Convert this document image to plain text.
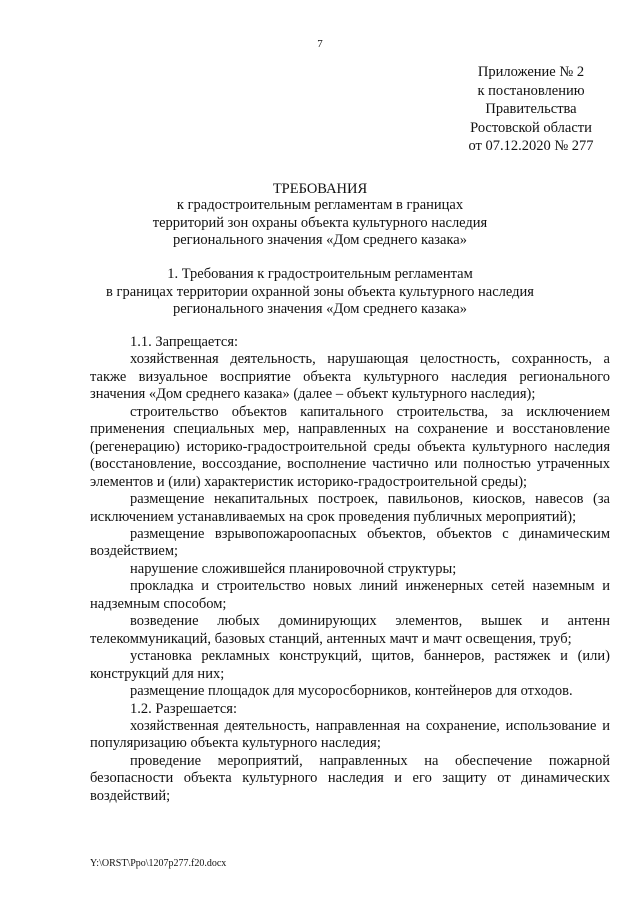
7
Приложение № 2
к постановлению
Правительства
Ростовской области
от 07.12.2020 № 277
ТРЕБОВАНИЯ
к градостроительным регламентам в границах
территорий зон охраны объекта культурного наследия
регионального значения «Дом среднего казака»
1. Требования к градостроительным регламентам
в границах территории охранной зоны объекта культурного наследия
регионального значения «Дом среднего казака»

1.1. Запрещается:

хозяйственная деятельность, нарушающая целостность, сохранность, а также визуальное восприятие объекта культурного наследия регионального значения «Дом среднего казака» (далее – объект культурного наследия);

строительство объектов капитального строительства, за исключением применения специальных мер, направленных на сохранение и восстановление (регенерацию) историко-градостроительной среды объекта культурного наследия (восстановление, воссоздание, восполнение частично или полностью утраченных элементов и (или) характеристик историко-градостроительной среды);

размещение некапитальных построек, павильонов, киосков, навесов (за исключением устанавливаемых на срок проведения публичных мероприятий);

размещение взрывопожароопасных объектов, объектов с динамическим воздействием;

нарушение сложившейся планировочной структуры;

прокладка и строительство новых линий инженерных сетей наземным и надземным способом;

возведение любых доминирующих элементов, вышек и антенн телекоммуникаций, базовых станций, антенных мачт и мачт освещения, труб;

установка рекламных конструкций, щитов, баннеров, растяжек и (или) конструкций для них;

размещение площадок для мусоросборников, контейнеров для отходов.

1.2. Разрешается:

хозяйственная деятельность, направленная на сохранение, использование и популяризацию объекта культурного наследия;

проведение мероприятий, направленных на обеспечение пожарной безопасности объекта культурного наследия и его защиту от динамических воздействий;

Y:\ORST\Ppo\1207p277.f20.docx
